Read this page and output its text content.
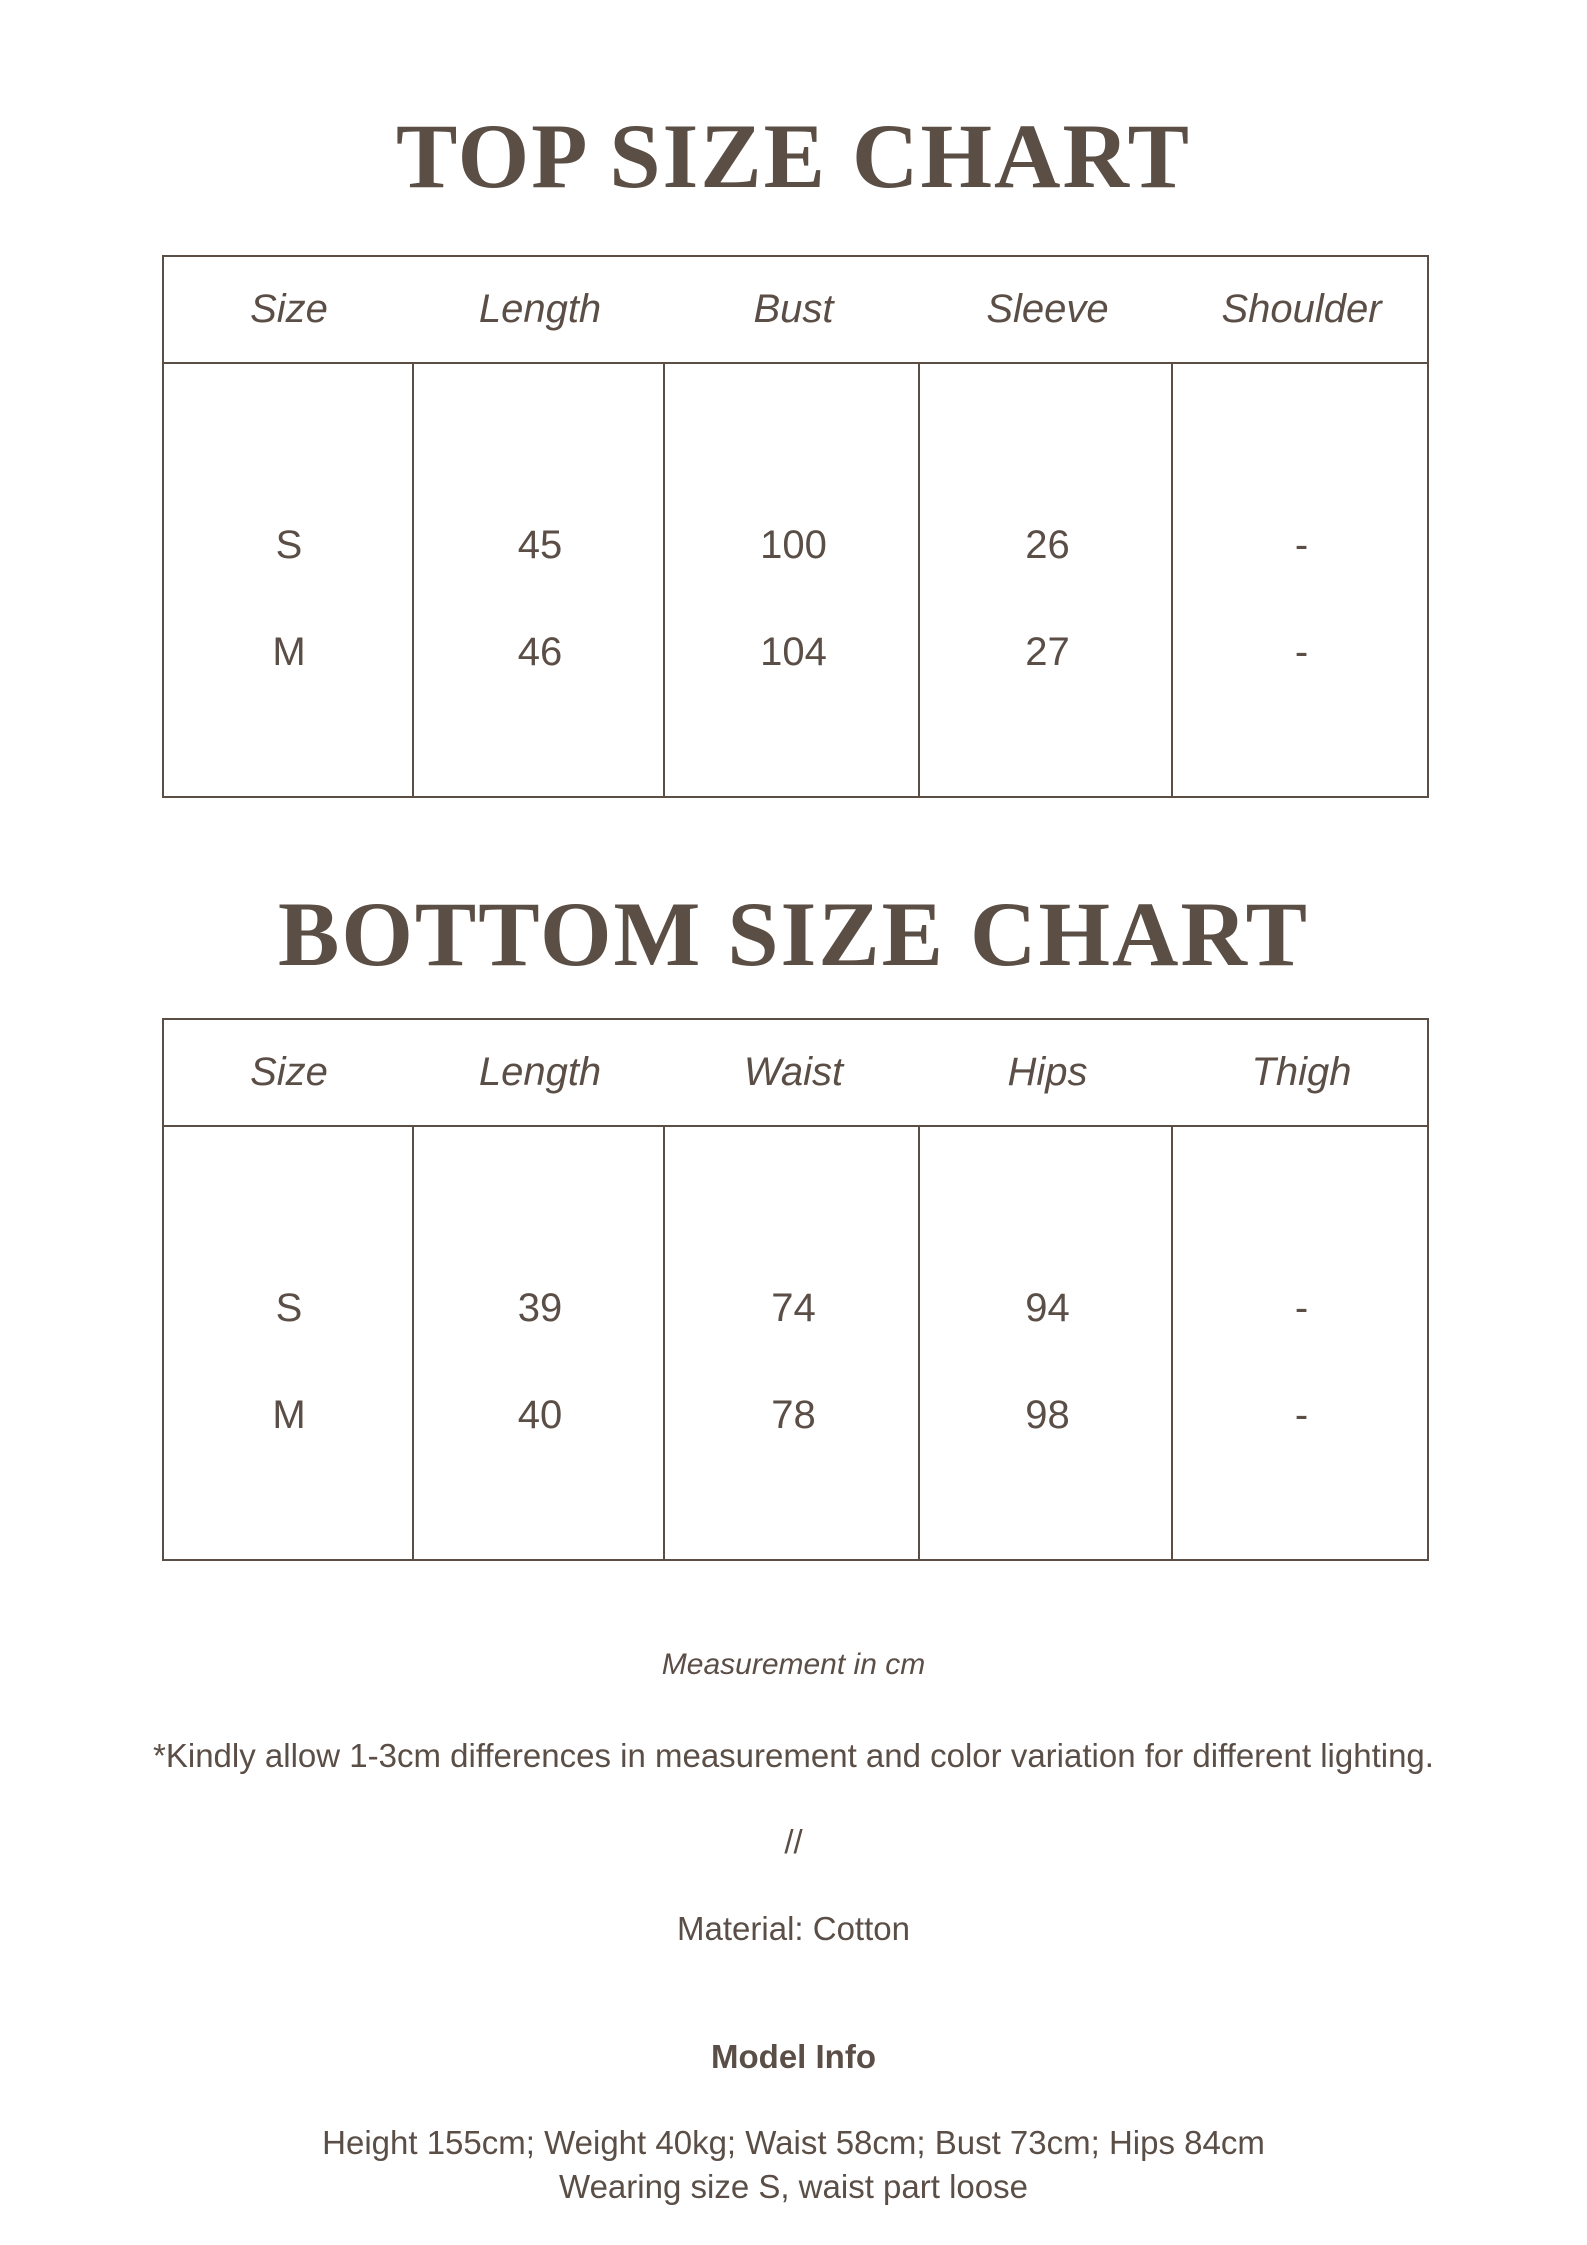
TOP SIZE CHART
Size	Length	Bust	Sleeve	Shoulder
S	45	100	26	-
M	46	104	27	-
BOTTOM SIZE CHART
Size	Length	Waist	Hips	Thigh
S	39	74	94	-
M	40	78	98	-
Measurement in cm
*Kindly allow 1-3cm differences in measurement and color variation for different lighting.
//
Material: Cotton
Model Info
Height 155cm; Weight 40kg; Waist 58cm; Bust 73cm; Hips 84cm
Wearing size S, waist part loose
